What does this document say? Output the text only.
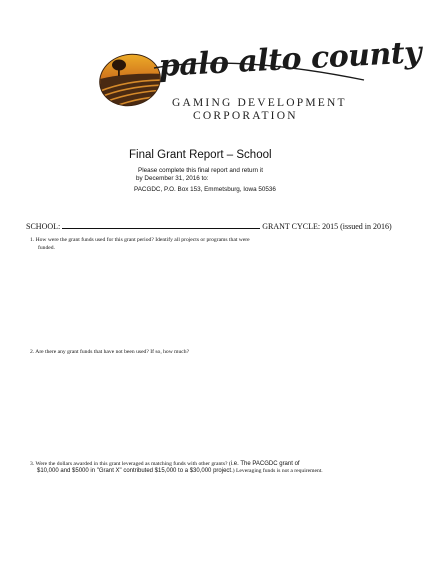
palo alto county
GAMING DEVELOPMENT
CORPORATION
Final Grant Report – School
Please complete this final report and return it
by December 31, 2016 to:
PACGDC, P.O. Box 153, Emmetsburg, Iowa 50536
SCHOOL:	GRANT CYCLE: 2015 (issued in 2016)
1. How were the grant funds used for this grant period? Identify all projects or programs that were
funded.
2. Are there any grant funds that have not been used? If so, how much?
3. Were the dollars awarded in this grant leveraged as matching funds with other grants? (i.e. The PACGDC grant of
$10,000 and $5000 in "Grant X" contributed $15,000 to a $30,000 project.) Leveraging funds is not a requirement.
